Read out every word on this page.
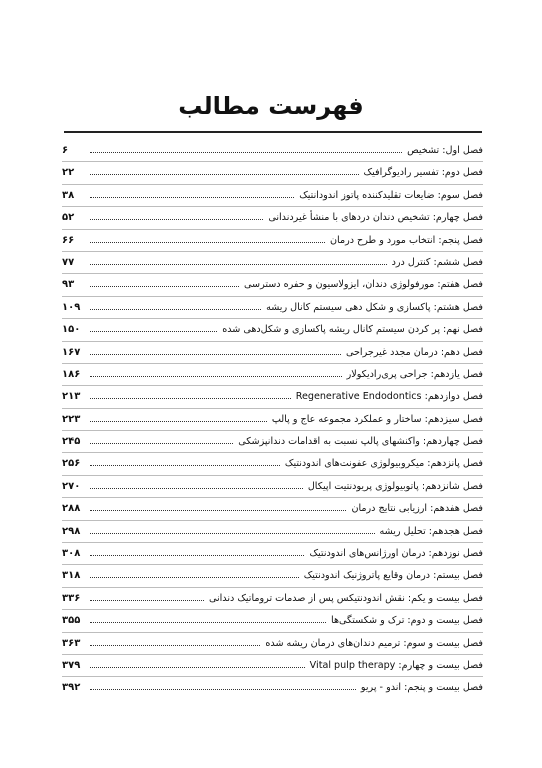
فهرست مطالب
فصل اول: تشخیص
۶
فصل دوم: تفسیر رادیوگرافیک
۲۲
فصل سوم: ضایعات تقلیدکننده پاتوز اندودانتیک
۳۸
فصل چهارم: تشخیص دندان دردهای با منشأ غیردندانی
۵۲
فصل پنجم: انتخاب مورد و طرح درمان
۶۶
فصل ششم: کنترل درد
۷۷
فصل هفتم: مورفولوژی دندان، ایزولاسیون و حفره دسترسی
۹۳
فصل هشتم: پاکسازی و شکل دهی سیستم کانال ریشه
۱۰۹
فصل نهم: پر کردن سیستم کانال ریشه پاکسازی و شکل‌دهی شده
۱۵۰
فصل دهم: درمان مجدد غیرجراحی
۱۶۷
فصل یازدهم: جراحی پری‌رادیکولار
۱۸۶
فصل دوازدهم: Regenerative Endodontics
۲۱۳
فصل سیزدهم: ساختار و عملکرد مجموعه عاج و پالپ
۲۲۳
فصل چهاردهم: واکنشهای پالپ نسبت به اقدامات دندانپزشکی
۲۴۵
فصل پانزدهم: میکروبیولوژی عفونت‌های اندودنتیک
۲۵۶
فصل شانزدهم: پاتوبیولوژی پریودنتیت اپیکال
۲۷۰
فصل هفدهم: ارزیابی نتایج درمان
۲۸۸
فصل هجدهم: تحلیل ریشه
۲۹۸
فصل نوزدهم: درمان اورژانس‌های اندودنتیک
۳۰۸
فصل بیستم: درمان وقایع پاتروژنیک اندودنتیک
۳۱۸
فصل بیست و یکم: نقش اندودنتیکس پس از صدمات تروماتیک دندانی
۳۳۶
فصل بیست و دوم: ترک و شکستگی‌ها
۳۵۵
فصل بیست و سوم: ترمیم دندان‌های درمان ریشه شده
۳۶۳
فصل بیست و چهارم: Vital pulp therapy
۳۷۹
فصل بیست و پنجم: اندو - پریو
۳۹۲
